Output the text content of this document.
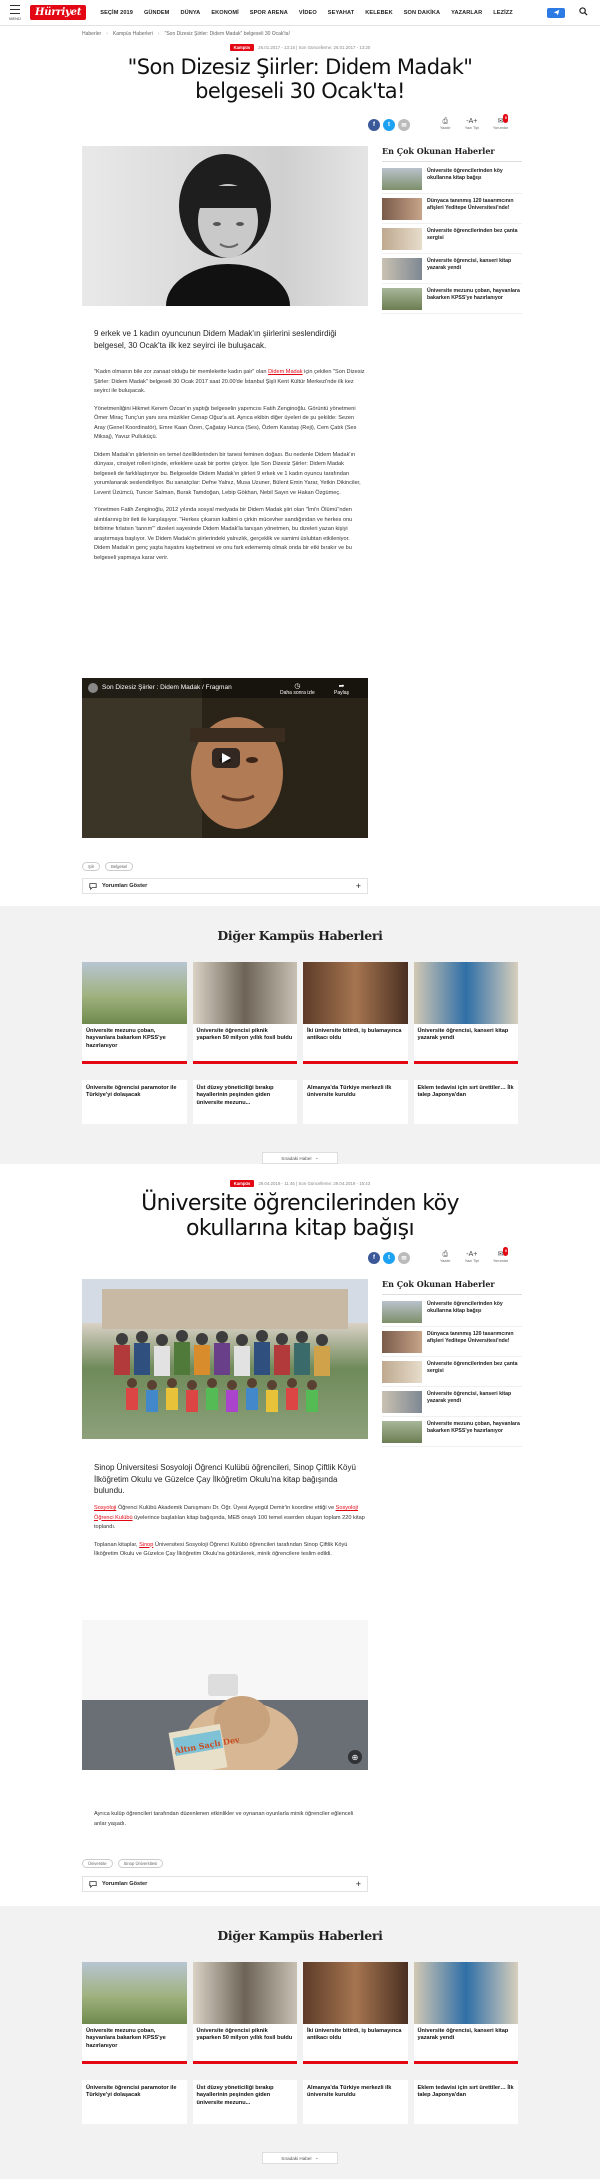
MENÜ
Hürriyet	SEÇİM 2019 GÜNDEM DÜNYA EKONOMİ SPOR ARENA VİDEO SEYAHAT KELEBEK SON DAKİKA YAZARLAR LEZİZZ
Haberler › Kampüs Haberleri › "Son Dizesiz Şiirler: Didem Madak" belgeseli 30 Ocak'ta!
Kampüs	26.01.2017 - 13:16 | Son Güncelleme: 26.01.2017 - 13:20
"Son Dizesiz Şiirler: Didem Madak" belgeseli 30 Ocak'ta!
f	t	✉
⎙
Yazdır
-A+
Yazı Tipi
✉ 0
Yorumlar
9 erkek ve 1 kadın oyuncunun Didem Madak'ın şiirlerini seslendirdiği belgesel, 30 Ocak'ta ilk kez seyirci ile buluşacak.

"Kadın olmanın bile zor zanaat olduğu bir memlekette kadın şair" olan Didem Madak için çekilen "Son Dizesiz Şiirler: Didem Madak" belgeseli 30 Ocak 2017 saat 20.00'de İstanbul Şişli Kent Kültür Merkezi'nde ilk kez seyirci ile buluşacak.

Yönetmenliğini Hikmet Kerem Özcan'ın yaptığı belgeselin yapımcısı Fatih Zenginoğlu. Görüntü yönetmeni Ömer Miraç Tunç'un yanı sıra müzikler Cenap Oğuz'a ait. Ayrıca ekibin diğer üyeleri de şu şekilde: Sezen Aray (Genel Koordinatör), Emre Kaan Özen, Çağatay Hunca (Ses), Özlem Karataş (Reji), Cem Çatık (Ses Miksaj), Yavuz Pulluküçü.

Didem Madak'ın şiirlerinin en temel özelliklerinden bir tanesi feminen doğası. Bu nedenle Didem Madak'ın dünyası, cinsiyet rolleri içinde, erkeklere uzak bir portre çiziyor. İşte Son Dizesiz Şiirler: Didem Madak belgeseli de farklılaştırıyor bu. Belgeselde Didem Madak'ın şiirleri 9 erkek ve 1 kadın oyuncu tarafından yorumlanarak seslendiriliyor. Bu sanatçılar: Defne Yalnız, Musa Uzuner, Bülent Emin Yarar, Yetkin Dikinciler, Levent Üzümcü, Tuncer Salman, Burak Tamdoğan, Lebip Gökhan, Nebil Sayın ve Hakan Özgümeç.

Yönetmen Fatih Zenginoğlu, 2012 yılında sosyal medyada bir Didem Madak şiiri olan "İmi'n Ölümü"nden alıntılarınıg bir ileti ile karşılaşıyor. "Herkes çıkarsın kalbini o çirkin mücevher sandığından ve herkes onu birbirine fırlatsın 'tanrım'" dizeleri sayesinde Didem Madak'la tanışan yönetmen, bu dizeleri yazan kişiyi araştırmaya başlıyor. Ve Didem Madak'ın şiirlerindeki yalnızlık, gerçeklik ve samimi üslubtan etkileniyor. Didem Madak'ın genç yaşta hayatını kaybetmesi ve onu fark edememiş olmak onda bir etki bırakır ve bu belgeseli yapmaya karar verir.

Son Dizesiz Şiirler : Didem Madak / Fragman	◷
Daha sonra izle
➦
Paylaş
Şiir	Belgesel
Yorumları Göster	+
En Çok Okunan Haberler
Üniversite öğrencilerinden köy okullarına kitap bağışı
Dünyaca tanınmış 120 tasarımcının afişleri Yeditepe Üniversitesi'nde!
Üniversite öğrencilerinden bez çanta sergisi
Üniversite öğrencisi, kanseri kitap yazarak yendi
Üniversite mezunu çoban, hayvanlara bakarken KPSS'ye hazırlanıyor
Diğer Kampüs Haberleri
Üniversite mezunu çoban, hayvanlara bakarken KPSS'ye hazırlanıyor
Üniversite öğrencisi piknik yaparken 50 milyon yıllık fosil buldu
İki üniversite bitirdi, iş bulamayınca antikacı oldu
Üniversite öğrencisi, kanseri kitap yazarak yendi
Üniversite öğrencisi paramotor ile Türkiye'yi dolaşacak
Üst düzey yöneticiliği bırakıp hayallerinin peşinden giden üniversite mezunu...
Almanya'da Türkiye merkezli ilk üniversite kuruldu
Eklem tedavisi için sırt ürettiler… İlk talep Japonya'dan
Sıradaki Haber ⌄
Kampüs	29.04.2019 - 11:45 | Son Güncelleme: 29.04.2019 - 15:43
Üniversite öğrencilerinden köy okullarına kitap bağışı
f	t	✉
⎙
Yazdır
-A+
Yazı Tipi
✉ 0
Yorumlar
Sinop Üniversitesi Sosyoloji Öğrenci Kulübü öğrencileri, Sinop Çiftlik Köyü İlköğretim Okulu ve Güzelce Çay İlköğretim Okulu'na kitap bağışında bulundu.

Sosyoloji Öğrenci Kulübü Akademik Danışmanı Dr. Öğr. Üyesi Ayşegül Demir'in koordine ettiği ve Sosyoloji Öğrenci Kulübü üyelerince başlatılan kitap bağışında, MEB onaylı 100 temel eserden oluşan toplam 220 kitap toplandı.

Toplanan kitaplar, Sinop Üniversitesi Sosyoloji Öğrenci Kulübü öğrencileri tarafından Sinop Çiftlik Köyü İlköğretim Okulu ve Güzelce Çay İlköğretim Okulu'na götürülerek, minik öğrencilere teslim edildi.

Altın Saçlı Dev
⊕

Ayrıca kulüp öğrencileri tarafından düzenlenen etkinlikler ve oynanan oyunlarla minik öğrenciler eğlenceli anlar yaşadı.

Üniversite	Sinop Üniversitesi
Yorumları Göster	+
En Çok Okunan Haberler
Üniversite öğrencilerinden köy okullarına kitap bağışı
Dünyaca tanınmış 120 tasarımcının afişleri Yeditepe Üniversitesi'nde!
Üniversite öğrencilerinden bez çanta sergisi
Üniversite öğrencisi, kanseri kitap yazarak yendi
Üniversite mezunu çoban, hayvanlara bakarken KPSS'ye hazırlanıyor
Diğer Kampüs Haberleri
Üniversite mezunu çoban, hayvanlara bakarken KPSS'ye hazırlanıyor
Üniversite öğrencisi piknik yaparken 50 milyon yıllık fosil buldu
İki üniversite bitirdi, iş bulamayınca antikacı oldu
Üniversite öğrencisi, kanseri kitap yazarak yendi
Üniversite öğrencisi paramotor ile Türkiye'yi dolaşacak
Üst düzey yöneticiliği bırakıp hayallerinin peşinden giden üniversite mezunu...
Almanya'da Türkiye merkezli ilk üniversite kuruldu
Eklem tedavisi için sırt ürettiler… İlk talep Japonya'dan
Sıradaki Haber ⌄
